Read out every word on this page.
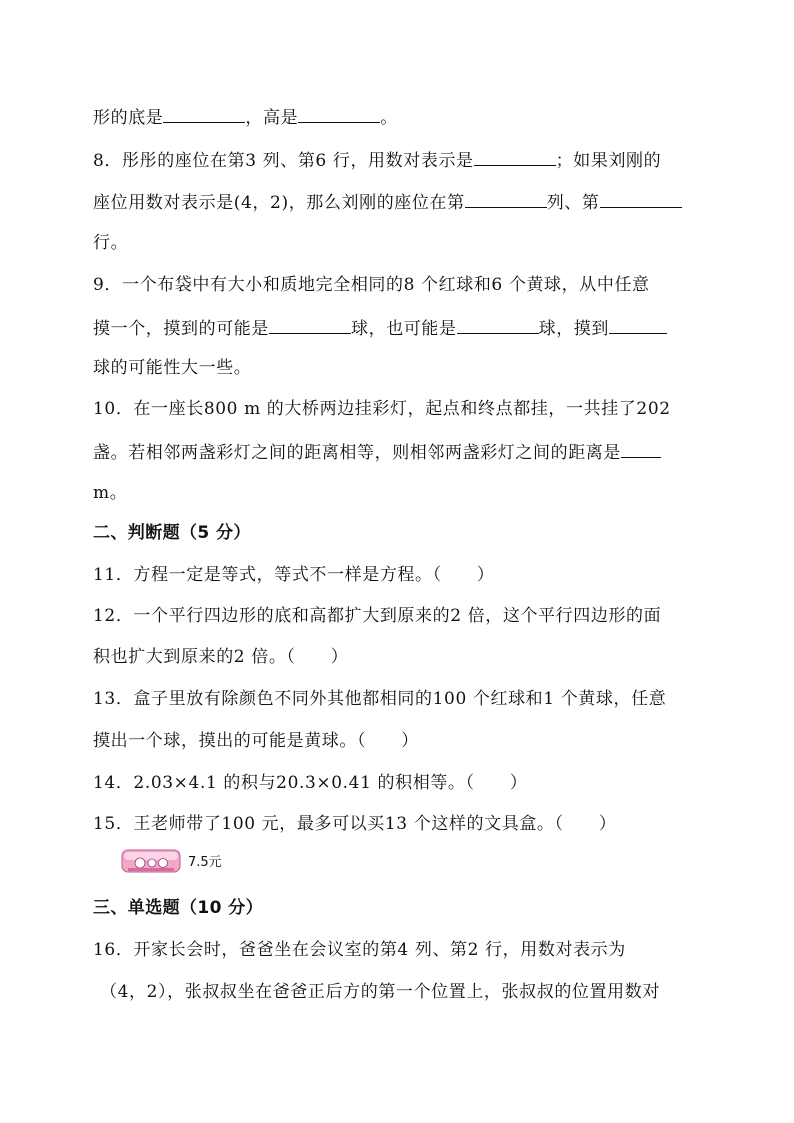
形的底是	，高是	。
8．彤彤的座位在第3 列、第6 行，用数对表示是	；如果刘刚的
座位用数对表示是(4，2)，那么刘刚的座位在第	列、第
行。
9．一个布袋中有大小和质地完全相同的8 个红球和6 个黄球，从中任意
摸一个，摸到的可能是	球，也可能是	球，摸到
球的可能性大一些。
10．在一座长800 m 的大桥两边挂彩灯，起点和终点都挂，一共挂了202
盏。若相邻两盏彩灯之间的距离相等，则相邻两盏彩灯之间的距离是
m。
二、判断题（5 分）
11．方程一定是等式，等式不一样是方程。（　　）
12．一个平行四边形的底和高都扩大到原来的2 倍，这个平行四边形的面
积也扩大到原来的2 倍。（　　）
13．盒子里放有除颜色不同外其他都相同的100 个红球和1 个黄球，任意
摸出一个球，摸出的可能是黄球。（　　）
14．2.03×4.1 的积与20.3×0.41 的积相等。（　　）
15．王老师带了100 元，最多可以买13 个这样的文具盒。（　　）
7.5元
三、单选题（10 分）
16．开家长会时，爸爸坐在会议室的第4 列、第2 行，用数对表示为
（4，2），张叔叔坐在爸爸正后方的第一个位置上，张叔叔的位置用数对
